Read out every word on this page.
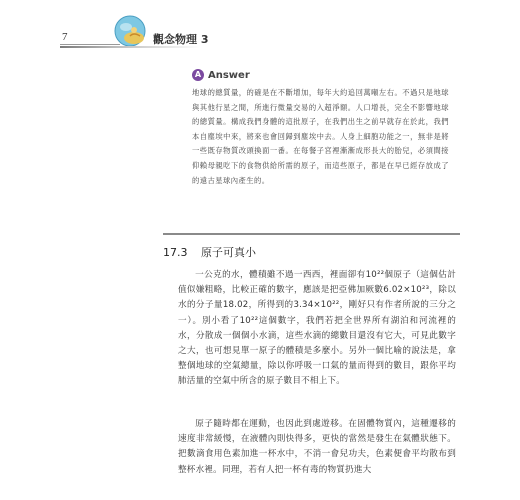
7	觀念物理 3
A Answer
地球的總質量，的確是在不斷增加，每年大約追回萬噸左右。不過只是地球與其他行星之間，所進行微量交易的入超淨額。人口增長，完全不影響地球的總質量。構成我們身體的這批原子，在我們出生之前早就存在於此，我們本自塵埃中來，將來也會回歸到塵埃中去。人身上細胞功能之一，無非是將一些既存物質改頭換面一番。在每餐子宮裡漸漸成形長大的胎兒，必須間接仰賴母親吃下的食物供給所需的原子，而這些原子，都是在早已經存放成了的遠古星球內產生的。
17.3 原子可真小
一公克的水，體積雖不過一西西，裡面卻有10²²個原子（這個估計值似嫌粗略，比較正確的數字，應該是把亞佛加厥數6.02×10²³，除以水的分子量18.02，所得到的3.34×10²²，剛好只有作者所說的三分之一）。別小看了10²²這個數字，我們若把全世界所有湖泊和河流裡的水，分散成一個個小水滴，這些水滴的總數目還沒有它大，可見此數字之大，也可想見單一原子的體積是多麼小。另外一個比喻的說法是，拿整個地球的空氣總量，除以你呼吸一口氣的量而得到的數目，跟你平均肺活量的空氣中所含的原子數目不相上下。
原子隨時都在運動，也因此到處遊移。在固體物質內，這種遷移的速度非常緩慢，在液體內則快得多，更快的當然是發生在氣體狀態下。把數滴食用色素加進一杯水中，不消一會兒功夫，色素便會平均散布到整杯水裡。同理，若有人把一杯有毒的物質扔進大
